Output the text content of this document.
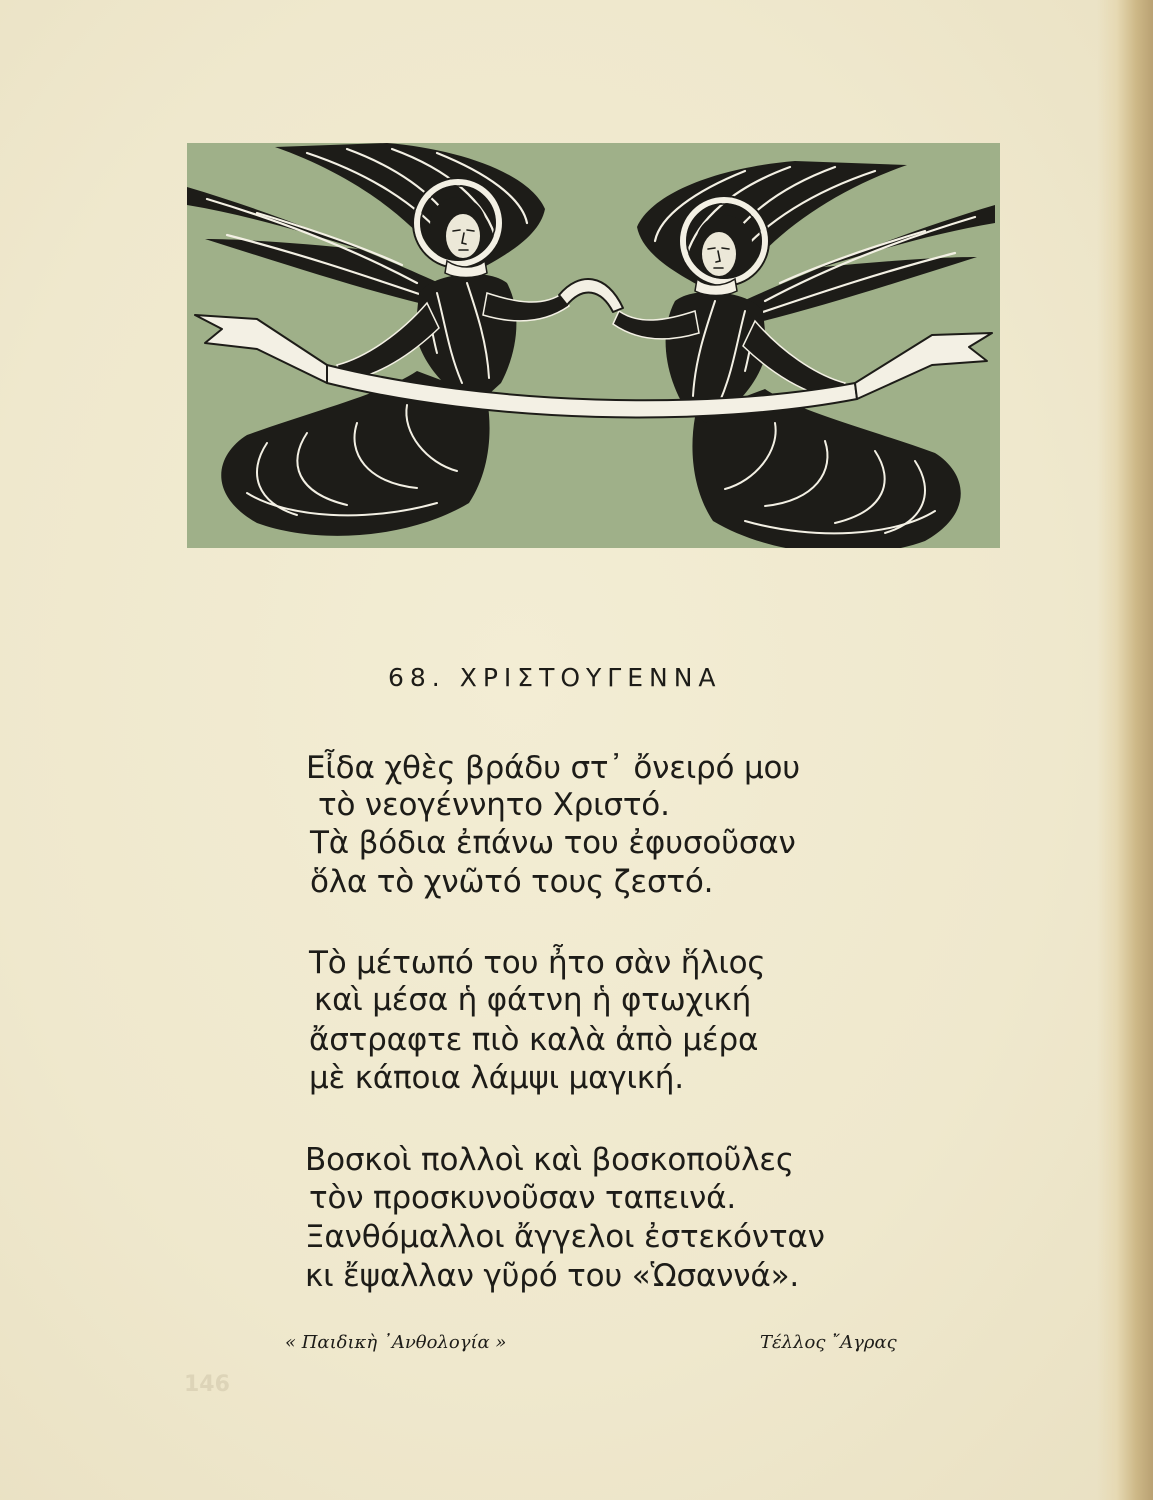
68. ΧΡΙΣΤΟΥΓΕΝΝΑ
Εἶδα χθὲς βράδυ στ᾿ ὄνειρό μου
τὸ νεογέννητο Χριστό.
Τὰ βόδια ἐπάνω του ἐφυσοῦσαν
ὅλα τὸ χνῶτό τους ζεστό.
Τὸ μέτωπό του ἦτο σὰν ἥλιος
καὶ μέσα ἡ φάτνη ἡ φτωχική
ἄστραφτε πιὸ καλὰ ἀπὸ μέρα
μὲ κάποια λάμψι μαγική.
Βοσκοὶ πολλοὶ καὶ βοσκοποῦλες
τὸν προσκυνοῦσαν ταπεινά.
Ξανθόμαλλοι ἄγγελοι ἐστεκόνταν
κι ἔψαλλαν γῦρό του «Ὡσαννά».
« Παιδικὴ ᾿Ανθολογία »	Τέλλος ῎Αγρας
146
